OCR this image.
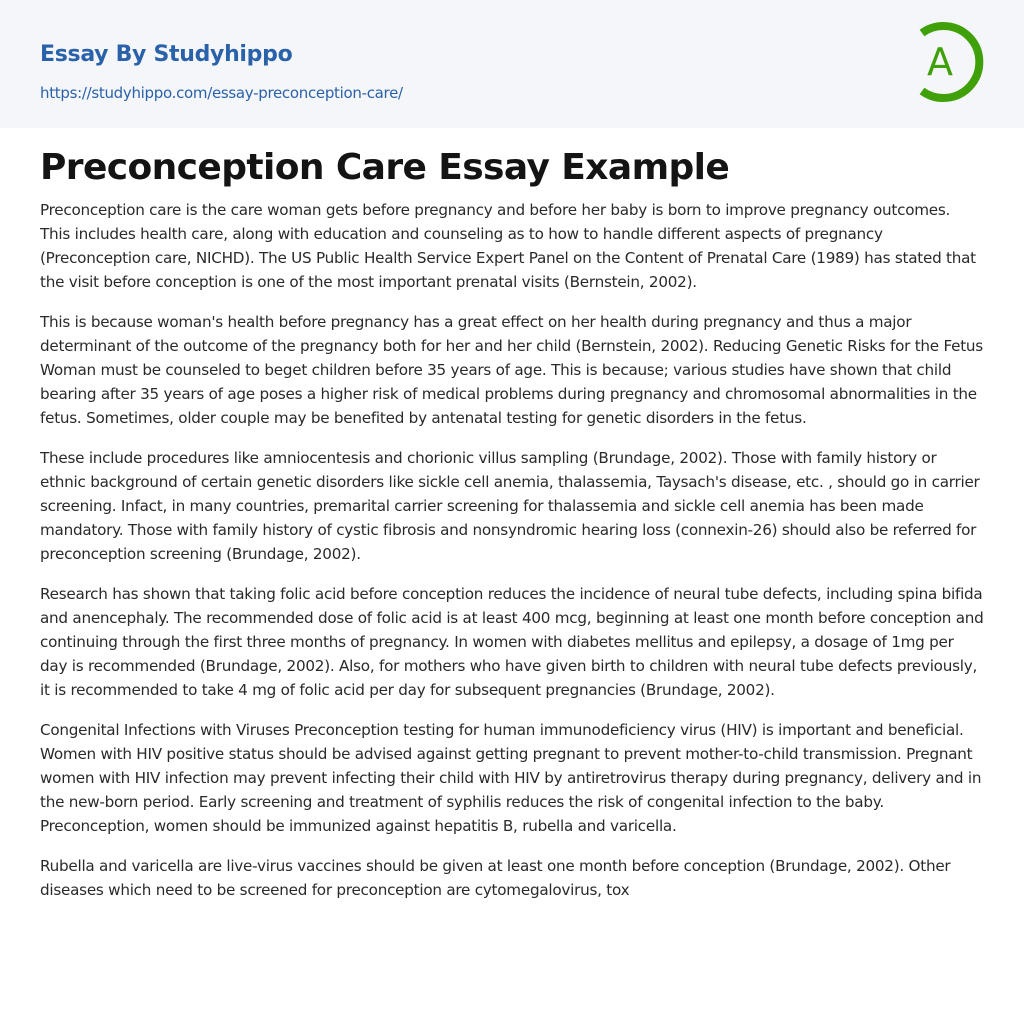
Essay By Studyhippo
https://studyhippo.com/essay-preconception-care/
A
Preconception Care Essay Example

Preconception care is the care woman gets before pregnancy and before her baby is born to improve pregnancy outcomes. This includes health care, along with education and counseling as to how to handle different aspects of pregnancy (Preconception care, NICHD). The US Public Health Service Expert Panel on the Content of Prenatal Care (1989) has stated that the visit before conception is one of the most important prenatal visits (Bernstein, 2002).

This is because woman's health before pregnancy has a great effect on her health during pregnancy and thus a major determinant of the outcome of the pregnancy both for her and her child (Bernstein, 2002). Reducing Genetic Risks for the Fetus Woman must be counseled to beget children before 35 years of age. This is because; various studies have shown that child bearing after 35 years of age poses a higher risk of medical problems during pregnancy and chromosomal abnormalities in the fetus. Sometimes, older couple may be benefited by antenatal testing for genetic disorders in the fetus.

These include procedures like amniocentesis and chorionic villus sampling (Brundage, 2002). Those with family history or ethnic background of certain genetic disorders like sickle cell anemia, thalassemia, Taysach's disease, etc. , should go in carrier screening. Infact, in many countries, premarital carrier screening for thalassemia and sickle cell anemia has been made mandatory. Those with family history of cystic fibrosis and nonsyndromic hearing loss (connexin-26) should also be referred for preconception screening (Brundage, 2002).

Research has shown that taking folic acid before conception reduces the incidence of neural tube defects, including spina bifida and anencephaly. The recommended dose of folic acid is at least 400 mcg, beginning at least one month before conception and continuing through the first three months of pregnancy. In women with diabetes mellitus and epilepsy, a dosage of 1mg per day is recommended (Brundage, 2002). Also, for mothers who have given birth to children with neural tube defects previously, it is recommended to take 4 mg of folic acid per day for subsequent pregnancies (Brundage, 2002).

Congenital Infections with Viruses Preconception testing for human immunodeficiency virus (HIV) is important and beneficial. Women with HIV positive status should be advised against getting pregnant to prevent mother-to-child transmission. Pregnant women with HIV infection may prevent infecting their child with HIV by antiretrovirus therapy during pregnancy, delivery and in the new-born period. Early screening and treatment of syphilis reduces the risk of congenital infection to the baby. Preconception, women should be immunized against hepatitis B, rubella and varicella.

Rubella and varicella are live-virus vaccines should be given at least one month before conception (Brundage, 2002). Other diseases which need to be screened for preconception are cytomegalovirus, tox
